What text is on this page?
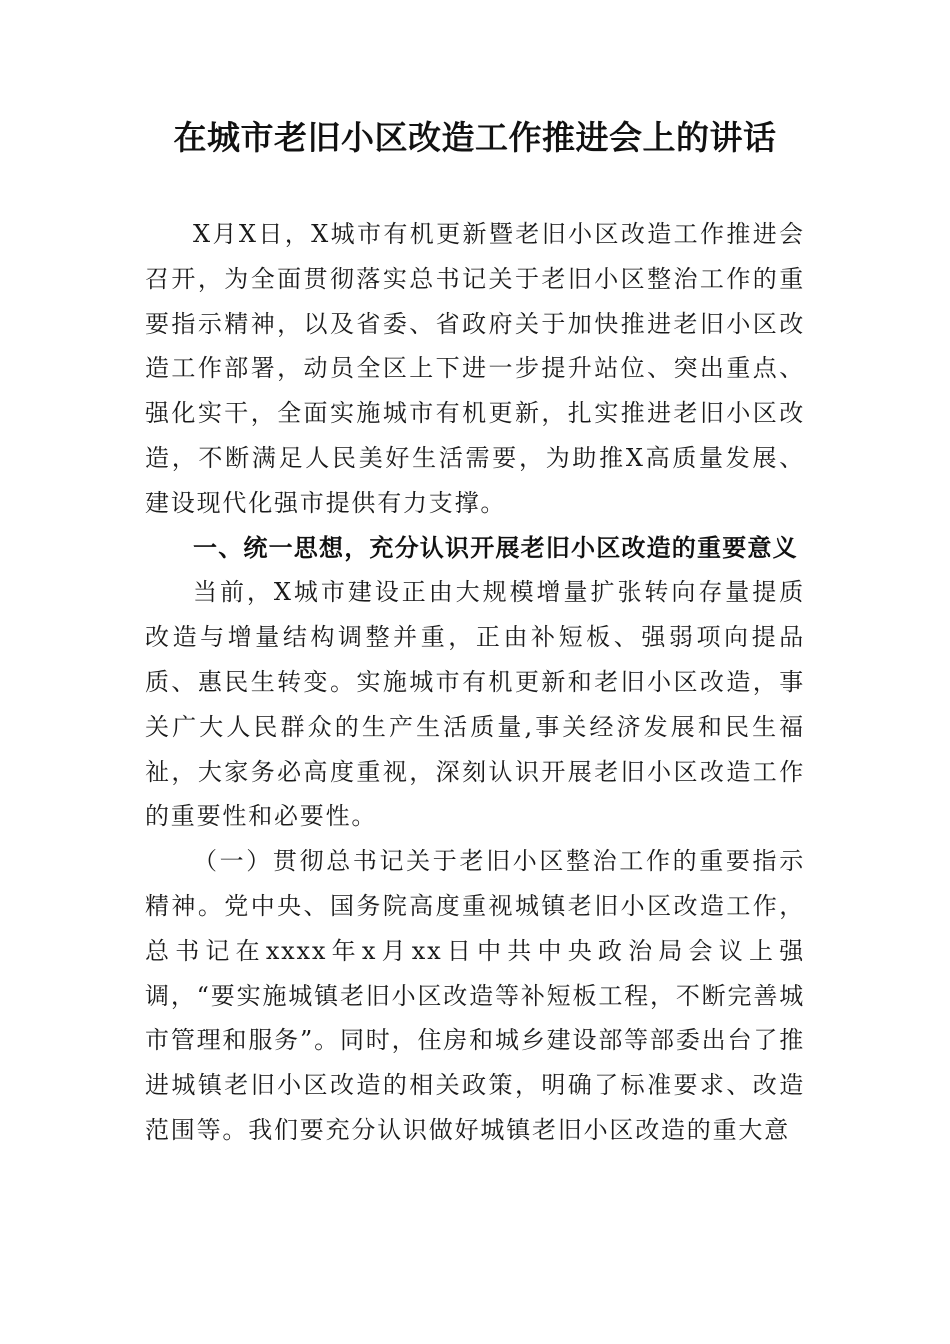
在城市老旧小区改造工作推进会上的讲话

X月X日，X城市有机更新暨老旧小区改造工作推进会召开，为全面贯彻落实总书记关于老旧小区整治工作的重要指示精神，以及省委、省政府关于加快推进老旧小区改造工作部署，动员全区上下进一步提升站位、突出重点、强化实干，全面实施城市有机更新，扎实推进老旧小区改造，不断满足人民美好生活需要，为助推X高质量发展、建设现代化强市提供有力支撑。

一、统一思想，充分认识开展老旧小区改造的重要意义

当前，X城市建设正由大规模增量扩张转向存量提质改造与增量结构调整并重，正由补短板、强弱项向提品质、惠民生转变。实施城市有机更新和老旧小区改造，事关广大人民群众的生产生活质量,事关经济发展和民生福祉，大家务必高度重视，深刻认识开展老旧小区改造工作的重要性和必要性。

（一）贯彻总书记关于老旧小区整治工作的重要指示精神。党中央、国务院高度重视城镇老旧小区改造工作，总书记在xxxx年x月xx日中共中央政治局会议上强调，“要实施城镇老旧小区改造等补短板工程，不断完善城市管理和服务”。同时，住房和城乡建设部等部委出台了推进城镇老旧小区改造的相关政策，明确了标准要求、改造范围等。我们要充分认识做好城镇老旧小区改造的重大意
